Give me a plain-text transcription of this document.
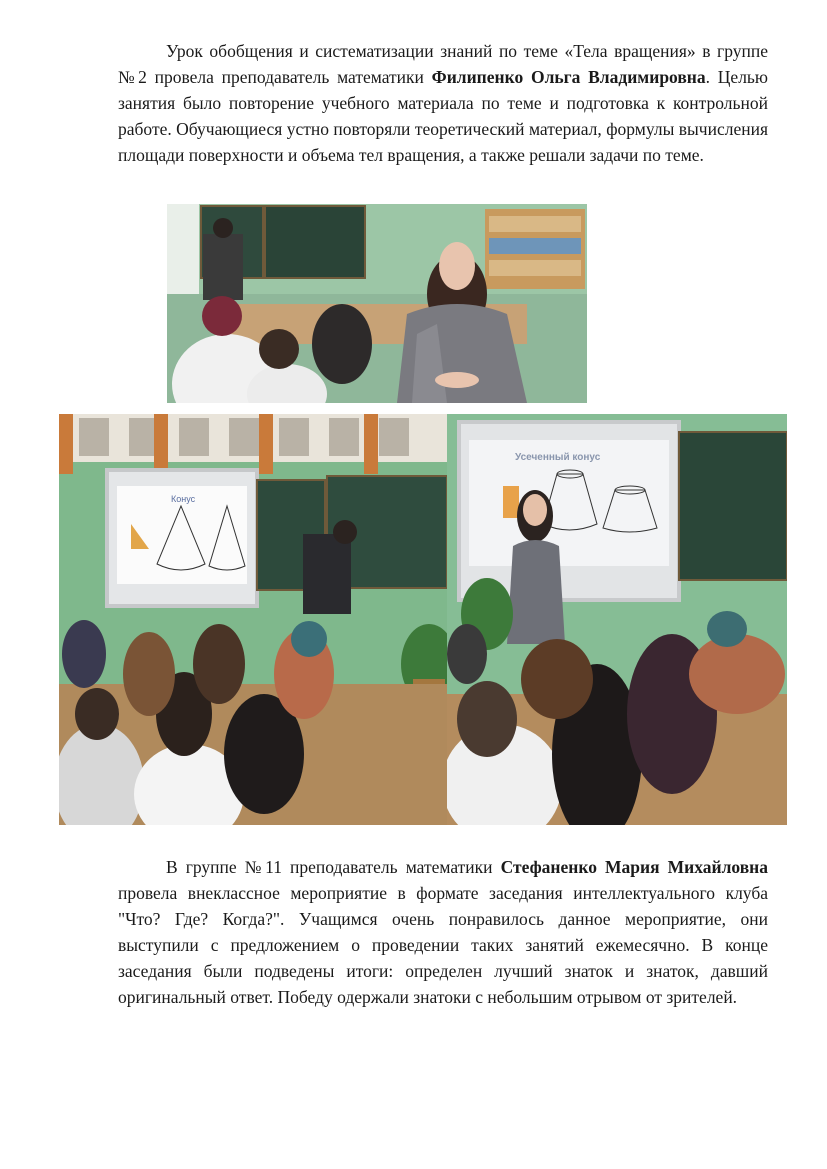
Урок обобщения и систематизации знаний по теме «Тела вращения» в группе №2 провела преподаватель математики Филипенко Ольга Владимировна. Целью занятия было повторение учебного материала по теме и подготовка к контрольной работе. Обучающиеся устно повторяли теоретический материал, формулы вычисления площади поверхности и объема тел вращения, а также решали задачи по теме.
Конус
Усеченный конус
В группе №11 преподаватель математики Стефаненко Мария Михайловна провела внеклассное мероприятие в формате заседания интеллектуального клуба "Что? Где? Когда?". Учащимся очень понравилось данное мероприятие, они выступили с предложением о проведении таких занятий ежемесячно. В конце заседания были подведены итоги: определен лучший знаток и знаток, давший оригинальный ответ. Победу одержали знатоки с небольшим отрывом от зрителей.
